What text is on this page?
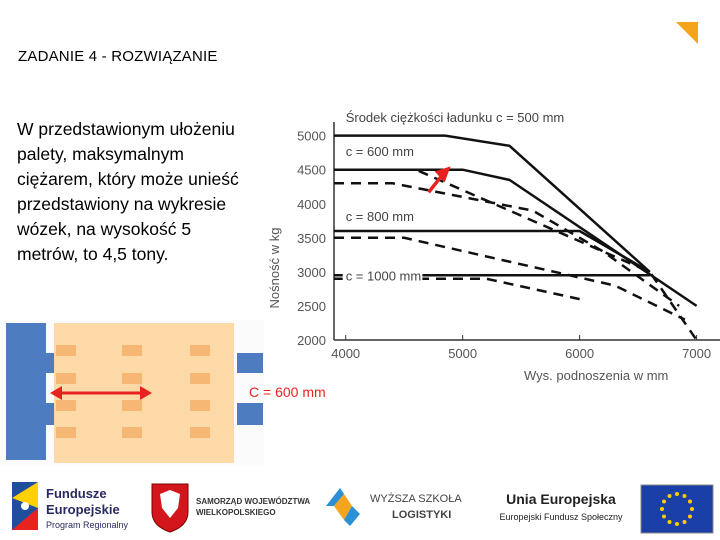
ZADANIE 4 - ROZWIĄZANIE
W przedstawionym ułożeniu palety, maksymalnym ciężarem, który może unieść przedstawiony na wykresie wózek, na wysokość 5 metrów, to 4,5 tony.	Nośność w kg
5000
4500
4000
3500
3000
2500
2000
4000	5000	6000	7000
Środek ciężkości ładunku c = 500 mm
c = 600 mm
c = 800 mm
c = 1000 mm
Wys. podnoszenia w mm
C = 600 mm
Fundusze
Europejskie
Program Regionalny
SAMORZĄD WOJEWÓDZTWA
WIELKOPOLSKIEGO
WYŻSZA SZKOŁA
LOGISTYKI
Unia Europejska
Europejski Fundusz Społeczny
